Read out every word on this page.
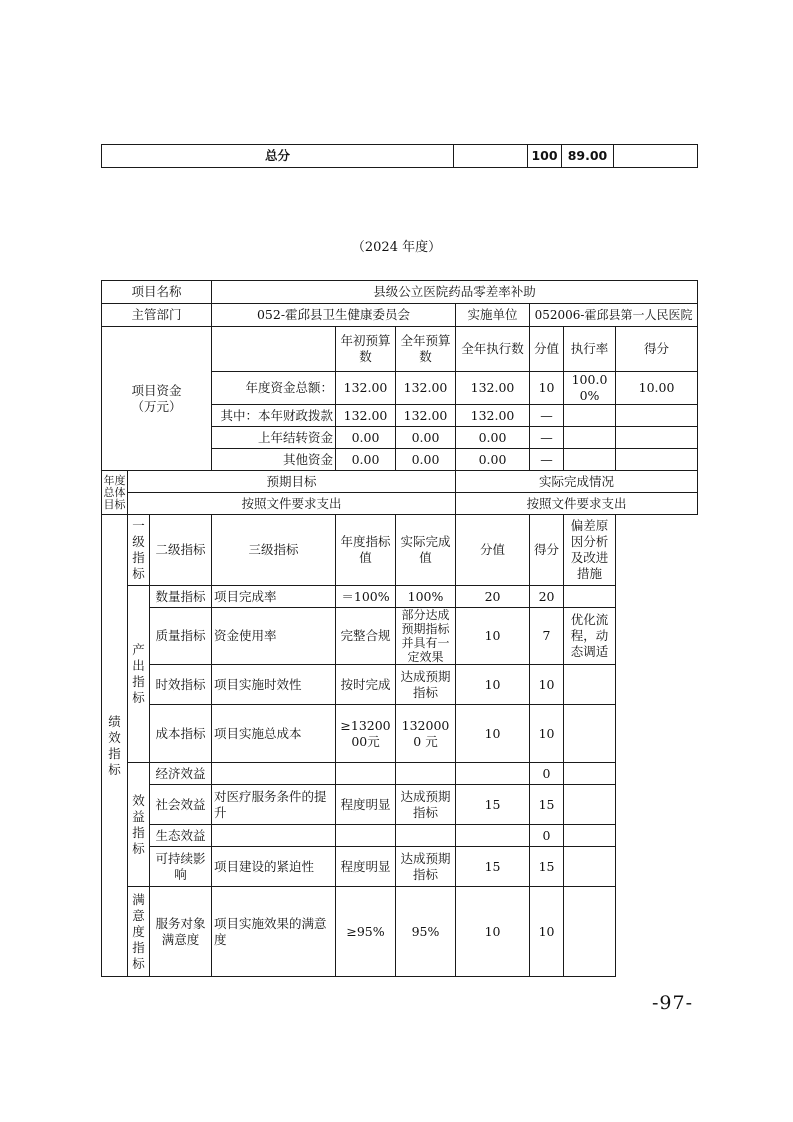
总分		100	89.00	
（2024 年度）
项目名称			县级公立医院药品零差率补助						
主管部门			052-霍邱县卫生健康委员会			实施单位	052006-霍邱县第一人民医院		
项目资金（万元）				年初预算数	全年预算数	全年执行数	分值	执行率	得分
			年度资金总额：	132.00	132.00	132.00	10	100.00%	10.00
			其中：本年财政拨款	132.00	132.00	132.00	—		
			上年结转资金	0.00	0.00	0.00	—		
			其他资金	0.00	0.00	0.00	—		
年度总体目标	预期目标					实际完成情况			
	按照文件要求支出					按照文件要求支出			
绩效指标	一级指标	二级指标	三级指标	年度指标值	实际完成值	分值	得分	偏差原因分析及改进措施	
	产出指标	数量指标	项目完成率	＝100%	100%	20	20		
		质量指标	资金使用率	完整合规	部分达成预期指标并具有一定效果	10	7	优化流程，动态调适	
		时效指标	项目实施时效性	按时完成	达成预期指标	10	10		
		成本指标	项目实施总成本	≥1320000元	1320000 元	10	10		
	效益指标	经济效益					0		
		社会效益	对医疗服务条件的提升	程度明显	达成预期指标	15	15		
		生态效益					0		
		可持续影响	项目建设的紧迫性	程度明显	达成预期指标	15	15		
	满意度指标	服务对象满意度	项目实施效果的满意度	≥95%	95%	10	10		
-97-
